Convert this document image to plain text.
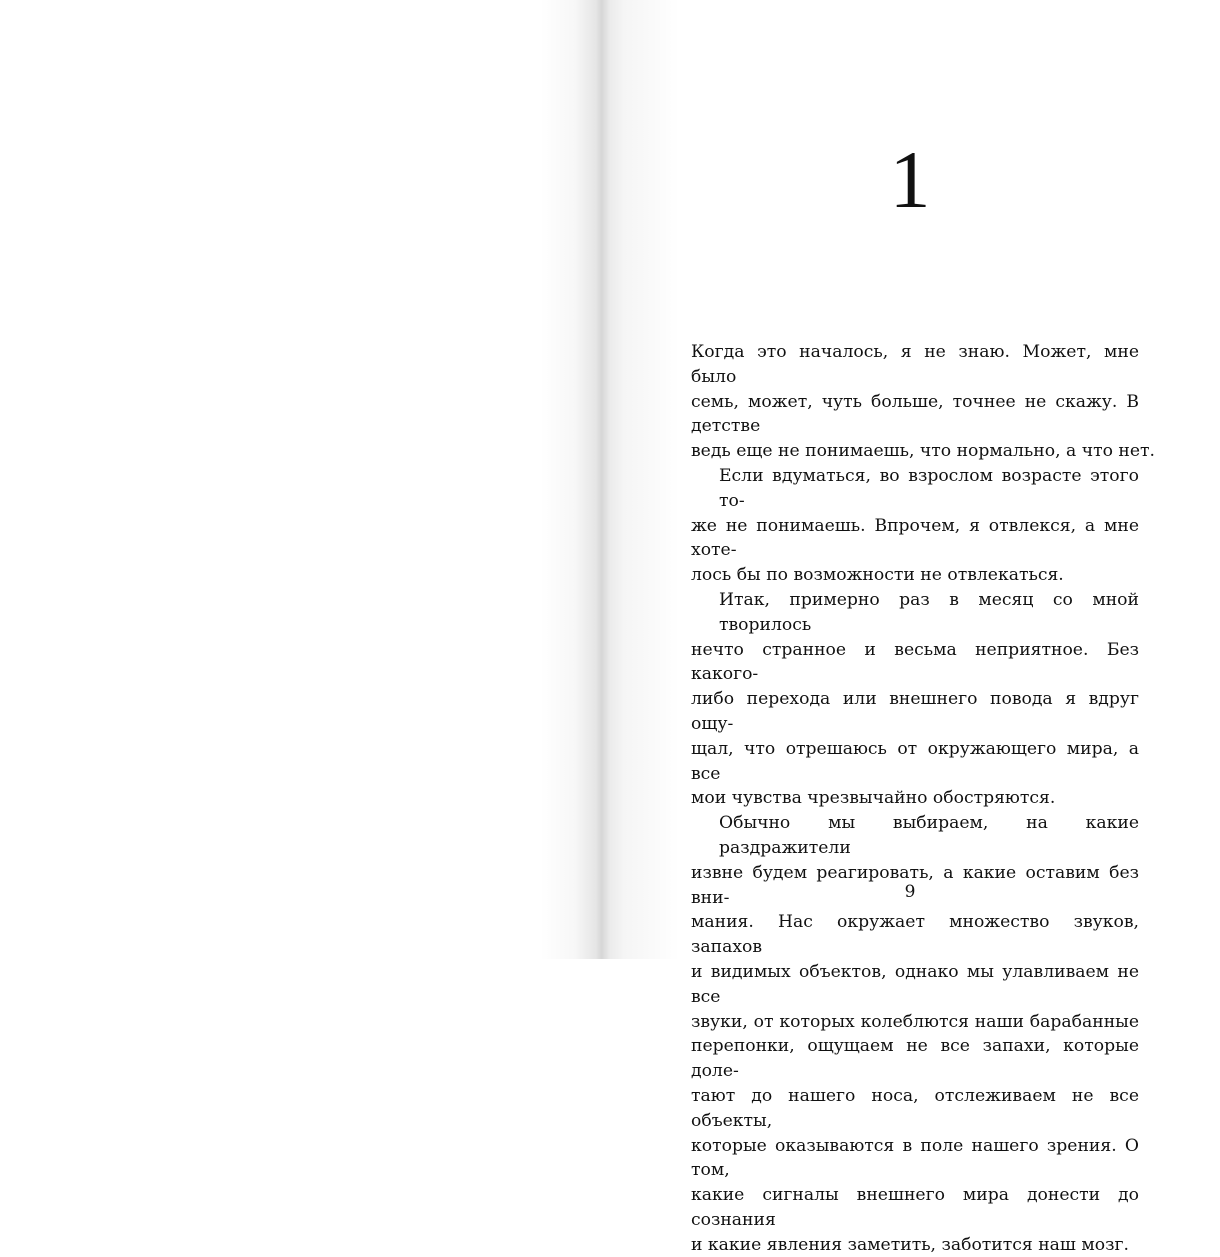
1
Когда это началось, я не знаю. Может, мне было
семь, может, чуть больше, точнее не скажу. В детстве
ведь еще не понимаешь, что нормально, а что нет.
Если вдуматься, во взрослом возрасте этого то-
же не понимаешь. Впрочем, я отвлекся, а мне хоте-
лось бы по возможности не отвлекаться.
Итак, примерно раз в месяц со мной творилось
нечто странное и весьма неприятное. Без какого-
либо перехода или внешнего повода я вдруг ощу-
щал, что отрешаюсь от окружающего мира, а все
мои чувства чрезвычайно обостряются.
Обычно мы выбираем, на какие раздражители
извне будем реагировать, а какие оставим без вни-
мания. Нас окружает множество звуков, запахов
и видимых объектов, однако мы улавливаем не все
звуки, от которых колеблются наши барабанные
перепонки, ощущаем не все запахи, которые доле-
тают до нашего носа, отслеживаем не все объекты,
которые оказываются в поле нашего зрения. О том,
какие сигналы внешнего мира донести до сознания
и какие явления заметить, заботится наш мозг.
9
